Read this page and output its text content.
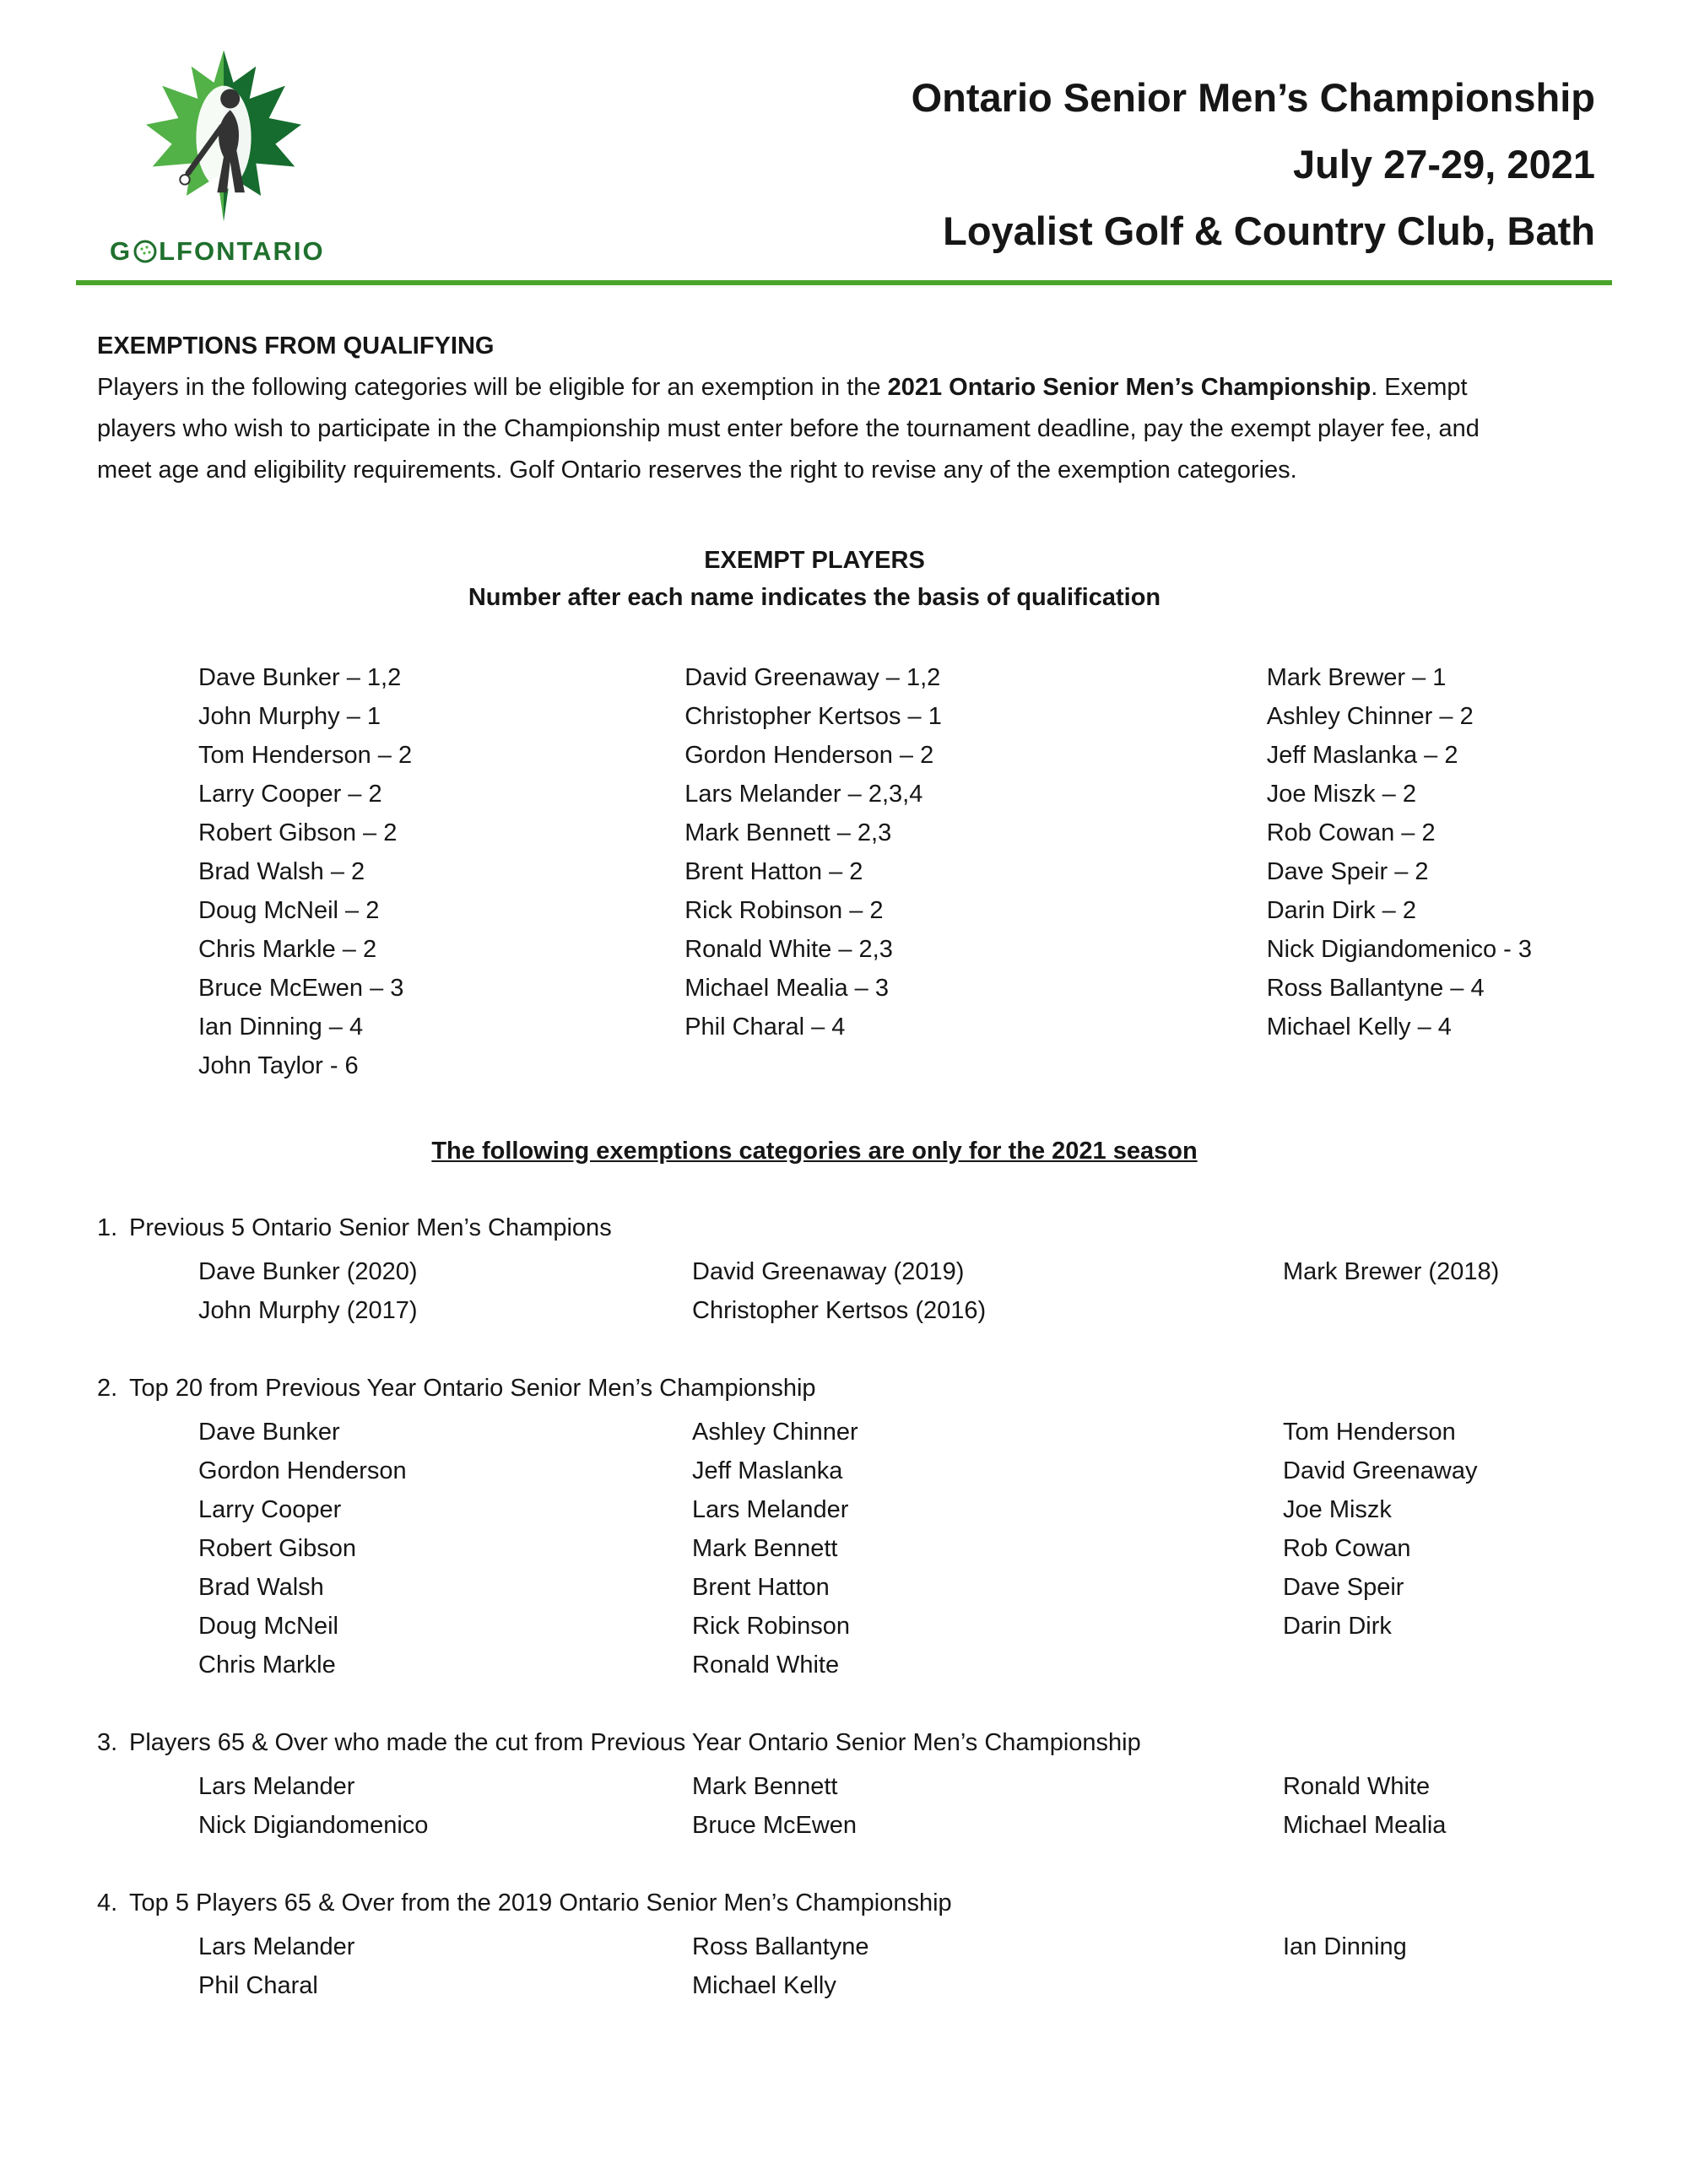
G LFONTARIO
Ontario Senior Men’s Championship
July 27-29, 2021
Loyalist Golf & Country Club, Bath
EXEMPTIONS FROM QUALIFYING

Players in the following categories will be eligible for an exemption in the 2021 Ontario Senior Men’s Championship. Exempt players who wish to participate in the Championship must enter before the tournament deadline, pay the exempt player fee, and meet age and eligibility requirements. Golf Ontario reserves the right to revise any of the exemption categories.

EXEMPT PLAYERS
Number after each name indicates the basis of qualification
Dave Bunker – 1,2
John Murphy – 1
Tom Henderson – 2
Larry Cooper – 2
Robert Gibson – 2
Brad Walsh – 2
Doug McNeil – 2
Chris Markle – 2
Bruce McEwen – 3
Ian Dinning – 4
John Taylor - 6
David Greenaway – 1,2
Christopher Kertsos – 1
Gordon Henderson – 2
Lars Melander – 2,3,4
Mark Bennett – 2,3
Brent Hatton – 2
Rick Robinson – 2
Ronald White – 2,3
Michael Mealia – 3
Phil Charal – 4
Mark Brewer – 1
Ashley Chinner – 2
Jeff Maslanka – 2
Joe Miszk – 2
Rob Cowan – 2
Dave Speir – 2
Darin Dirk – 2
Nick Digiandomenico - 3
Ross Ballantyne – 4
Michael Kelly – 4
The following exemptions categories are only for the 2021 season
1. Previous 5 Ontario Senior Men’s Champions
Dave Bunker (2020)
John Murphy (2017)
David Greenaway (2019)
Christopher Kertsos (2016)
Mark Brewer (2018)
2. Top 20 from Previous Year Ontario Senior Men’s Championship
Dave Bunker
Gordon Henderson
Larry Cooper
Robert Gibson
Brad Walsh
Doug McNeil
Chris Markle
Ashley Chinner
Jeff Maslanka
Lars Melander
Mark Bennett
Brent Hatton
Rick Robinson
Ronald White
Tom Henderson
David Greenaway
Joe Miszk
Rob Cowan
Dave Speir
Darin Dirk
3. Players 65 & Over who made the cut from Previous Year Ontario Senior Men’s Championship
Lars Melander
Nick Digiandomenico
Mark Bennett
Bruce McEwen
Ronald White
Michael Mealia
4. Top 5 Players 65 & Over from the 2019 Ontario Senior Men’s Championship
Lars Melander
Phil Charal
Ross Ballantyne
Michael Kelly
Ian Dinning
